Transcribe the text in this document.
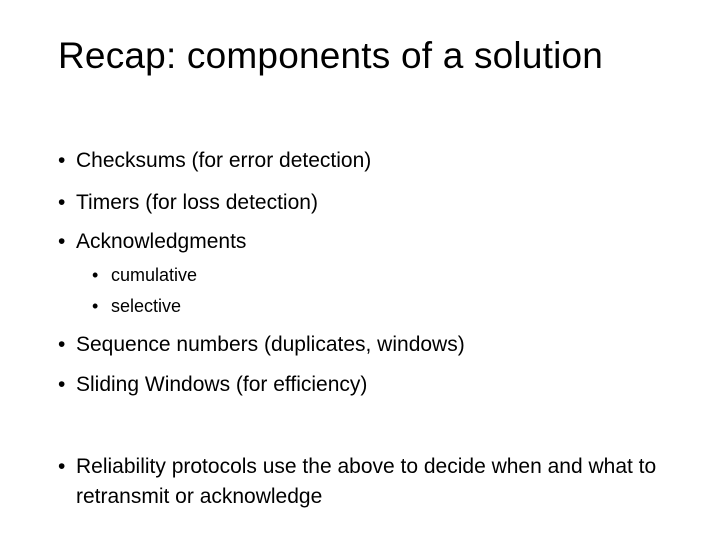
Recap: components of a solution
• Checksums (for error detection)
• Timers (for loss detection)
• Acknowledgments
• cumulative
• selective
• Sequence numbers (duplicates, windows)
• Sliding Windows (for efficiency)
• Reliability protocols use the above to decide when and what to retransmit or acknowledge
